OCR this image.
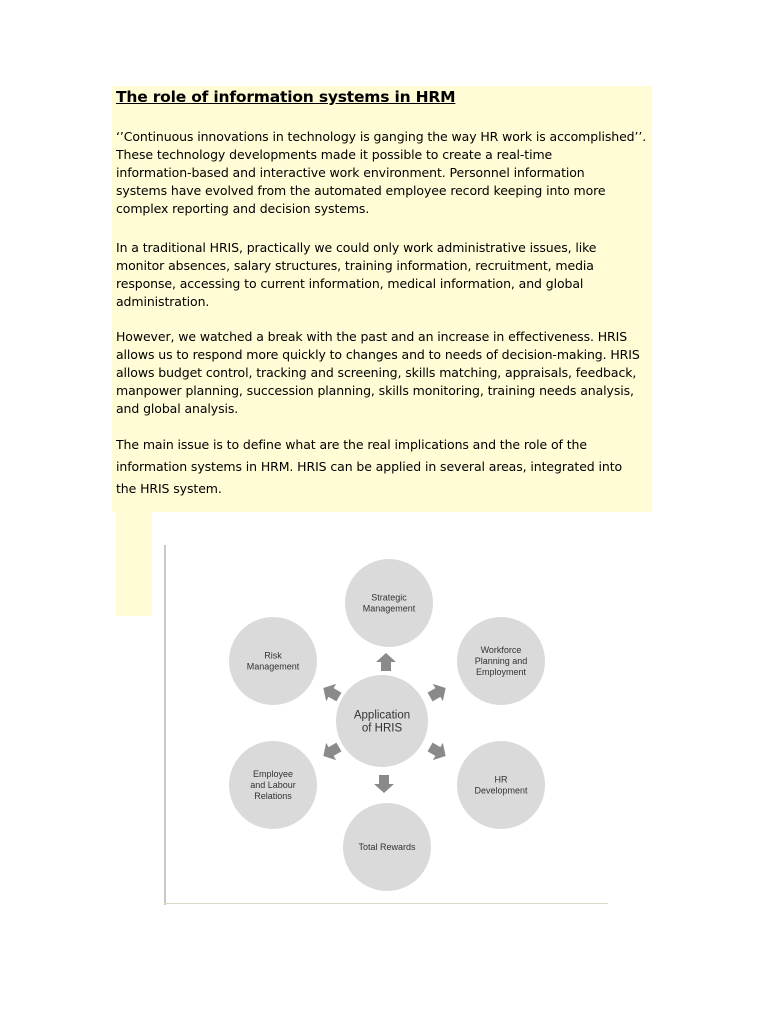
The role of information systems in HRM
‘’Continuous innovations in technology is ganging the way HR work is accomplished’’.
These technology developments made it possible to create a real-time
information-based and interactive work environment. Personnel information
systems have evolved from the automated employee record keeping into more
complex reporting and decision systems.
In a traditional HRIS, practically we could only work administrative issues, like
monitor absences, salary structures, training information, recruitment, media
response, accessing to current information, medical information, and global
administration.
However, we watched a break with the past and an increase in effectiveness. HRIS
allows us to respond more quickly to changes and to needs of decision-making. HRIS
allows budget control, tracking and screening, skills matching, appraisals, feedback,
manpower planning, succession planning, skills monitoring, training needs analysis,
and global analysis.
The main issue is to define what are the real implications and the role of the
information systems in HRM. HRIS can be applied in several areas, integrated into
the HRIS system.
Application
of HRIS
Strategic
Management
Workforce
Planning and
Employment
HR
Development
Total Rewards
Employee
and Labour
Relations
Risk
Management
